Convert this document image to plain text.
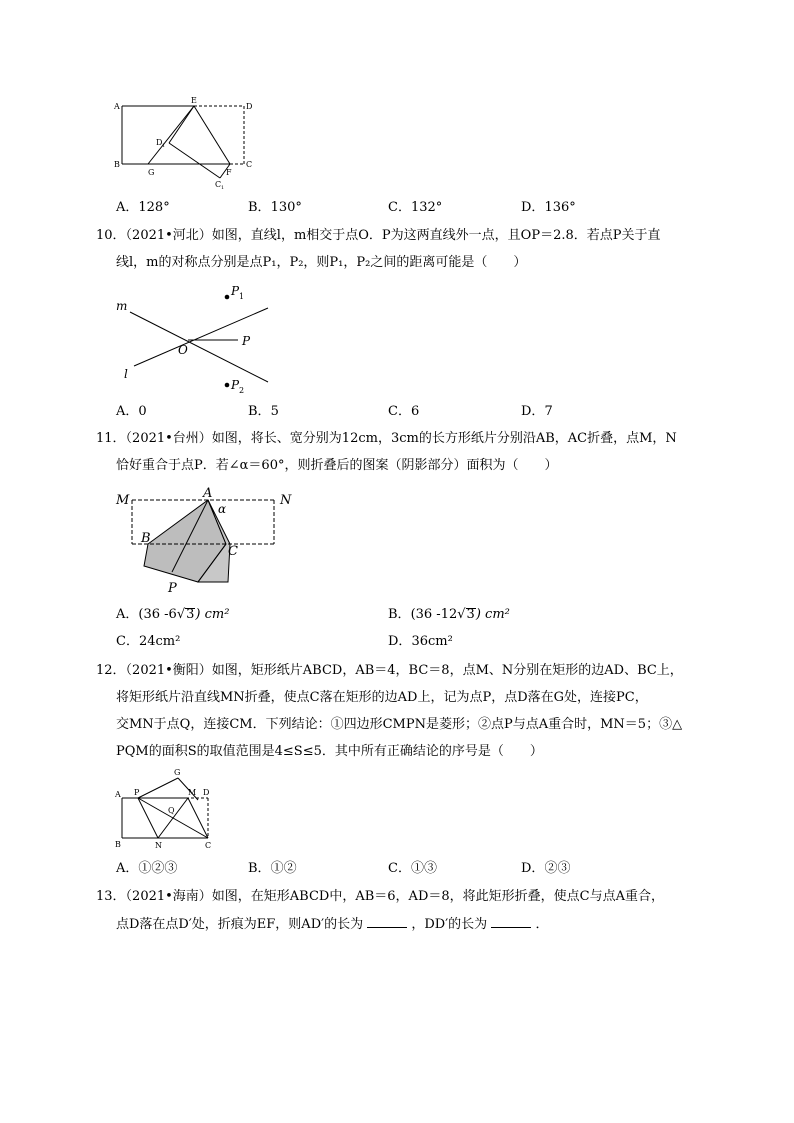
A
B
E
D
D 1
G	F
C
C 1
A．128°	B．130°	C．132°	D．136°
10．（2021•河北）如图，直线l，m相交于点O．P为这两直线外一点，且OP＝2.8．若点P关于直
线l，m的对称点分别是点P₁，P₂，则P₁，P₂之间的距离可能是（　　）
m
l
O
P
P 1
P 2
A．0	B．5	C．6	D．7
11．（2021•台州）如图，将长、宽分别为12cm，3cm的长方形纸片分别沿AB，AC折叠，点M，N
恰好重合于点P．若∠α＝60°，则折叠后的图案（阴影部分）面积为（　　）
M	N
A
α
B
C
P
A．(36 -6√3) cm²	B．(36 -12√3) cm²
C．24cm²	D．36cm²
12．（2021•衡阳）如图，矩形纸片ABCD，AB＝4，BC＝8，点M、N分别在矩形的边AD、BC上，
将矩形纸片沿直线MN折叠，使点C落在矩形的边AD上，记为点P，点D落在G处，连接PC，
交MN于点Q，连接CM．下列结论：①四边形CMPN是菱形；②点P与点A重合时，MN＝5；③△
PQM的面积S的取值范围是4≤S≤5．其中所有正确结论的序号是（　　）
A P
G
M D
Q
B	N	C
A．①②③	B．①②	C．①③	D．②③
13．（2021•海南）如图，在矩形ABCD中，AB＝6，AD＝8，将此矩形折叠，使点C与点A重合，
点D落在点D′处，折痕为EF，则AD′的长为	，DD′的长为	．
